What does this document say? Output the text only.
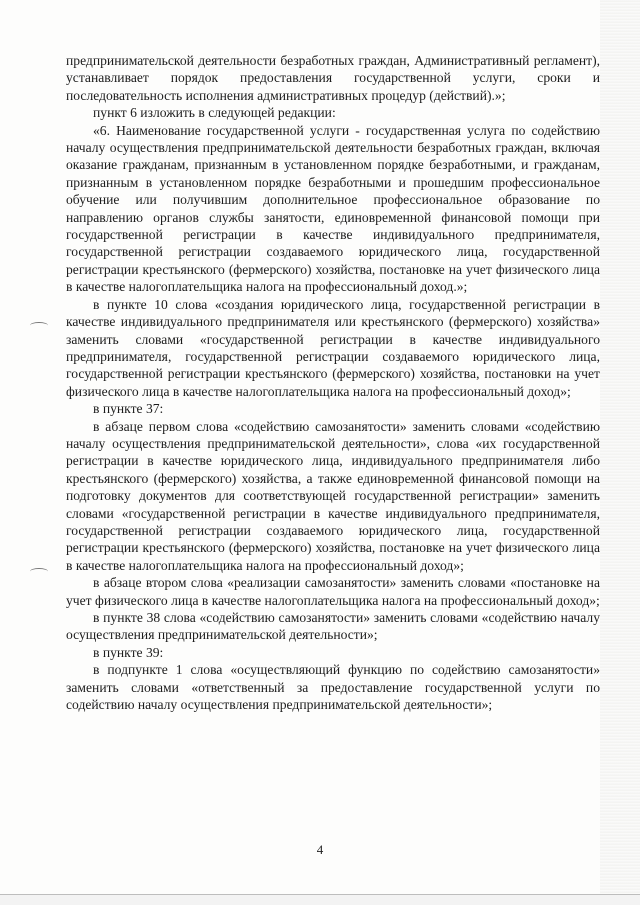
предпринимательской деятельности безработных граждан, Административный регламент), устанавливает порядок предоставления государственной услуги, сроки и последовательность исполнения административных процедур (действий).»;

пункт 6 изложить в следующей редакции:

«6. Наименование государственной услуги - государственная услуга по содействию началу осуществления предпринимательской деятельности безработных граждан, включая оказание гражданам, признанным в установленном порядке безработными, и гражданам, признанным в установленном порядке безработными и прошедшим профессиональное обучение или получившим дополнительное профессиональное образование по направлению органов службы занятости, единовременной финансовой помощи при государственной регистрации в качестве индивидуального предпринимателя, государственной регистрации создаваемого юридического лица, государственной регистрации крестьянского (фермерского) хозяйства, постановке на учет физического лица в качестве налогоплательщика налога на профессиональный доход.»;

в пункте 10 слова «создания юридического лица, государственной регистрации в качестве индивидуального предпринимателя или крестьянского (фермерского) хозяйства» заменить словами «государственной регистрации в качестве индивидуального предпринимателя, государственной регистрации создаваемого юридического лица, государственной регистрации крестьянского (фермерского) хозяйства, постановки на учет физического лица в качестве налогоплательщика налога на профессиональный доход»;

в пункте 37:

в абзаце первом слова «содействию самозанятости» заменить словами «содействию началу осуществления предпринимательской деятельности», слова «их государственной регистрации в качестве юридического лица, индивидуального предпринимателя либо крестьянского (фермерского) хозяйства, а также единовременной финансовой помощи на подготовку документов для соответствующей государственной регистрации» заменить словами «государственной регистрации в качестве индивидуального предпринимателя, государственной регистрации создаваемого юридического лица, государственной регистрации крестьянского (фермерского) хозяйства, постановке на учет физического лица в качестве налогоплательщика налога на профессиональный доход»;

в абзаце втором слова «реализации самозанятости» заменить словами «постановке на учет физического лица в качестве налогоплательщика налога на профессиональный доход»;

в пункте 38 слова «содействию самозанятости» заменить словами «содействию началу осуществления предпринимательской деятельности»;

в пункте 39:

в подпункте 1 слова «осуществляющий функцию по содействию самозанятости» заменить словами «ответственный за предоставление государственной услуги по содействию началу осуществления предпринимательской деятельности»;

4
